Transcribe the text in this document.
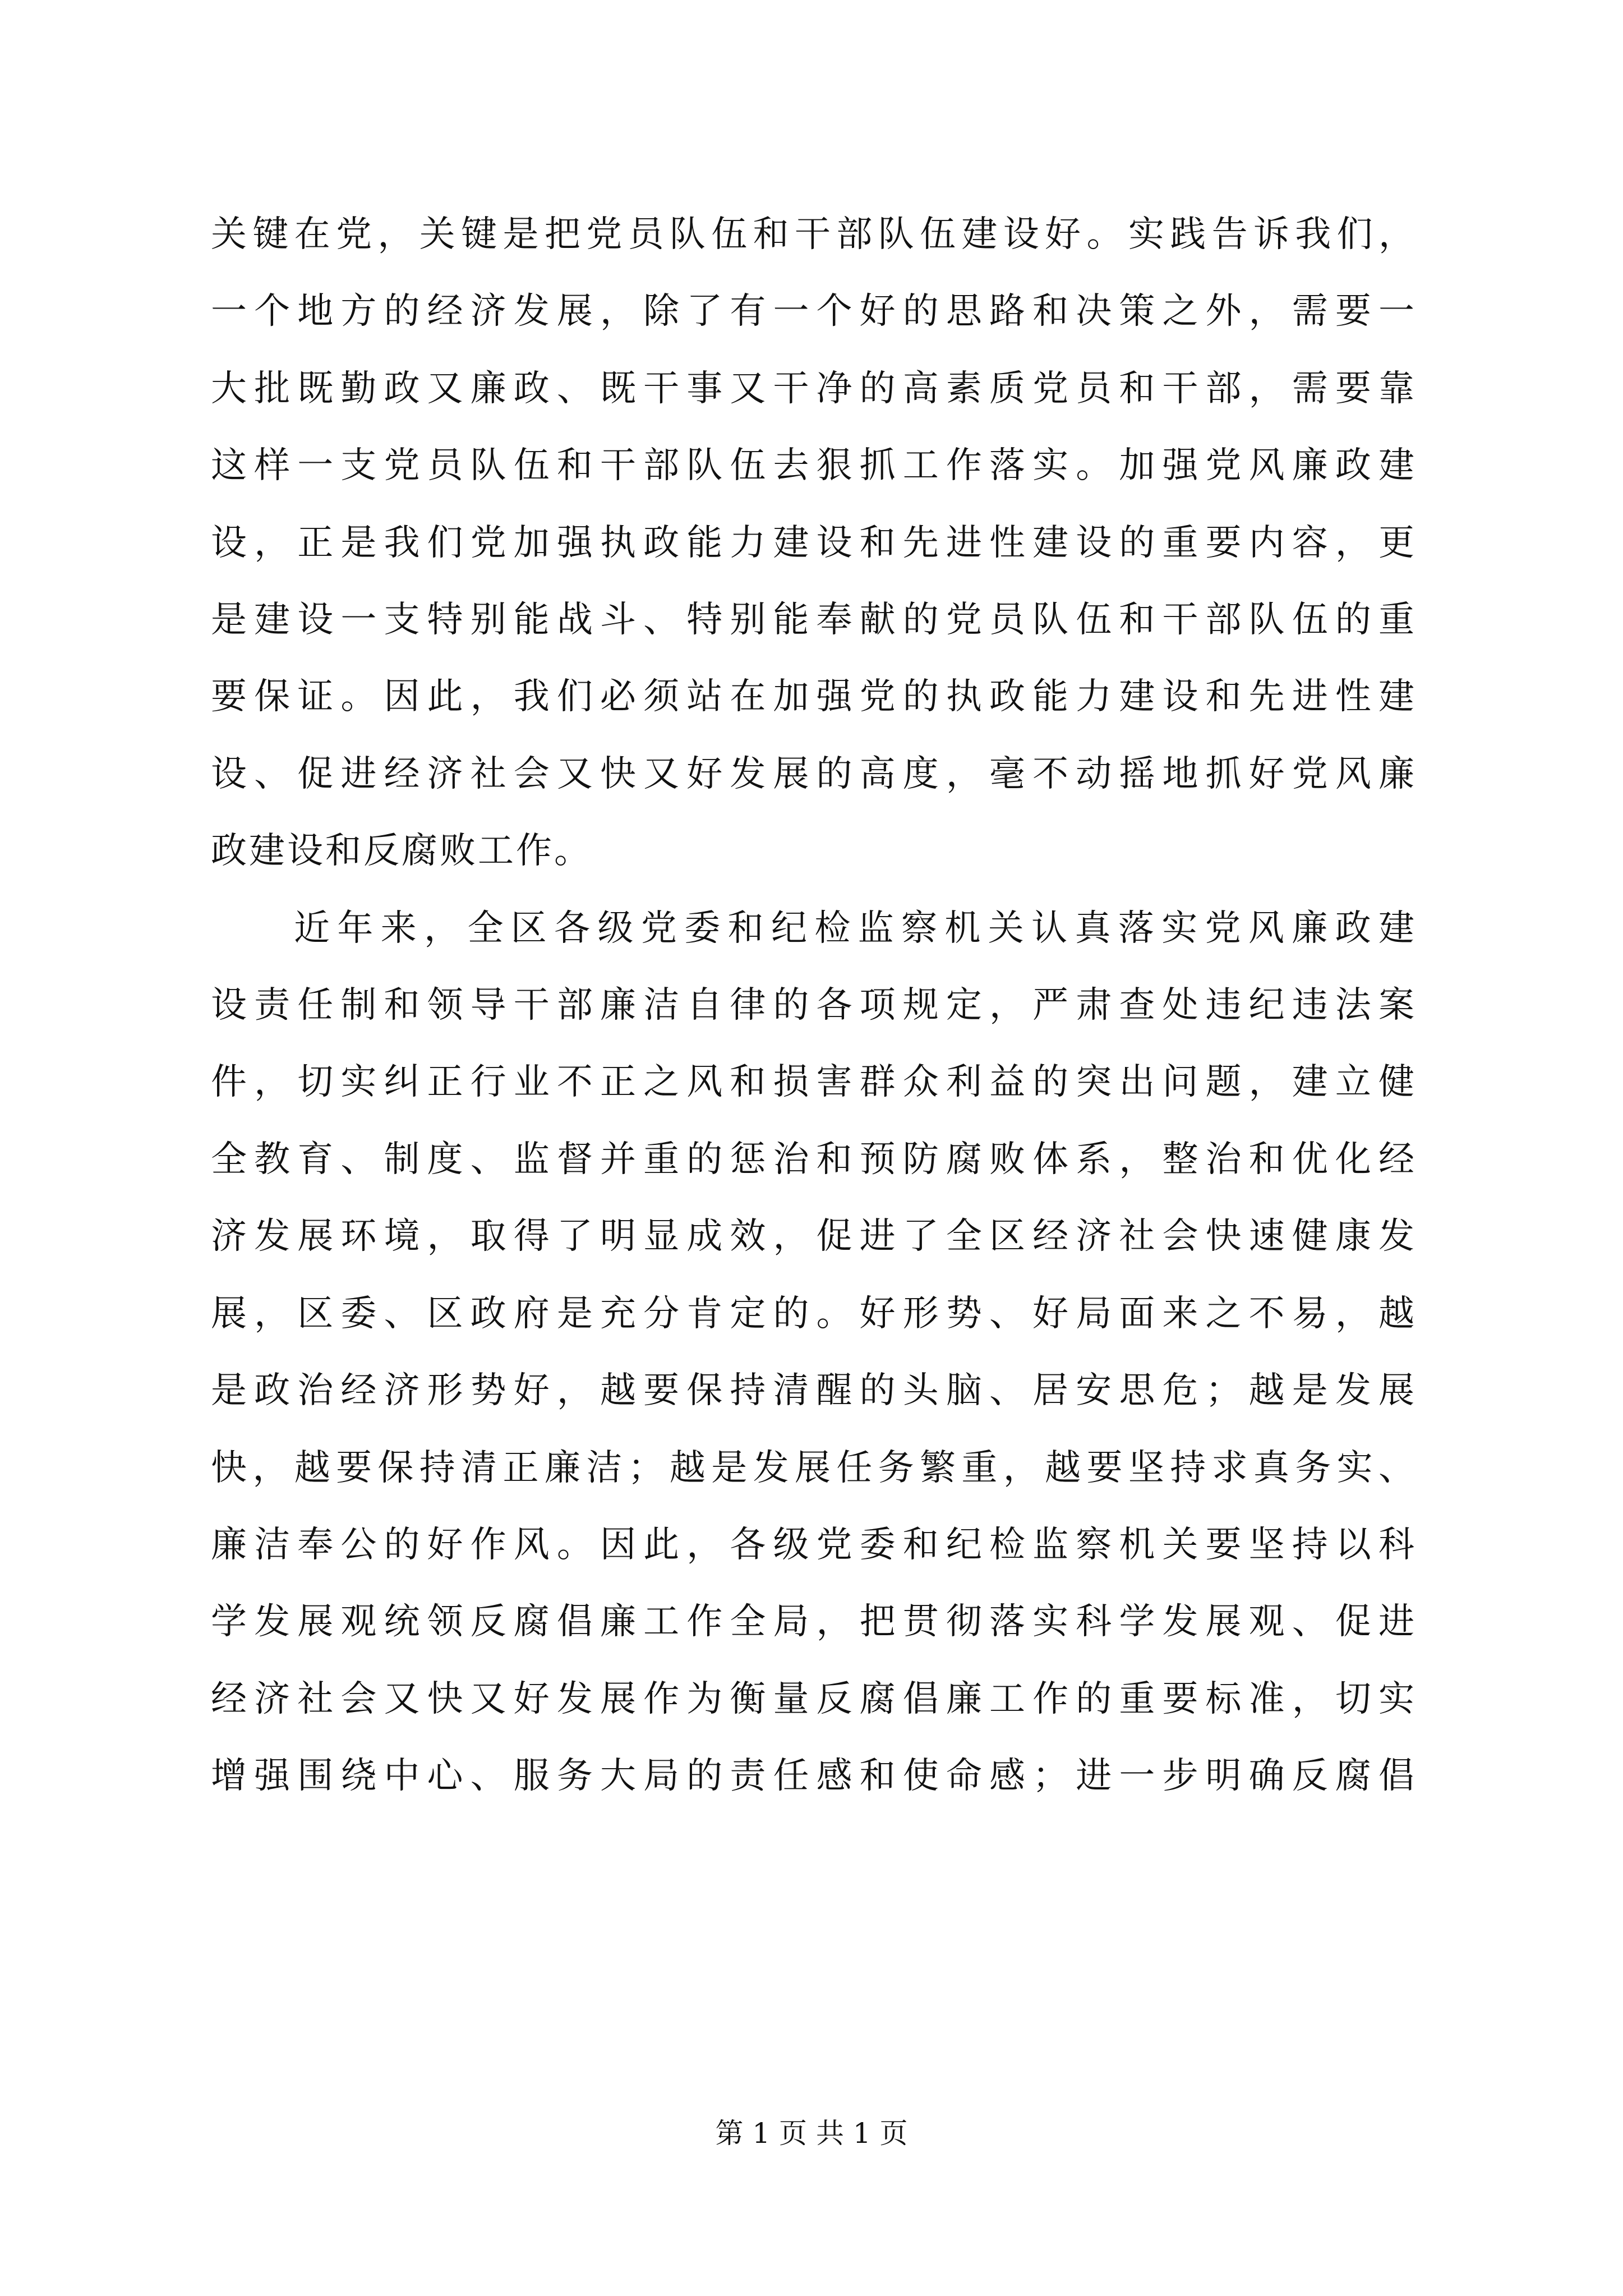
关键在党，关键是把党员队伍和干部队伍建设好。实践告诉我们，
一个地方的经济发展，除了有一个好的思路和决策之外，需要一
大批既勤政又廉政、既干事又干净的高素质党员和干部，需要靠
这样一支党员队伍和干部队伍去狠抓工作落实。加强党风廉政建
设，正是我们党加强执政能力建设和先进性建设的重要内容，更
是建设一支特别能战斗、特别能奉献的党员队伍和干部队伍的重
要保证。因此，我们必须站在加强党的执政能力建设和先进性建
设、促进经济社会又快又好发展的高度，毫不动摇地抓好党风廉
政建设和反腐败工作。

近年来，全区各级党委和纪检监察机关认真落实党风廉政建
设责任制和领导干部廉洁自律的各项规定，严肃查处违纪违法案
件，切实纠正行业不正之风和损害群众利益的突出问题，建立健
全教育、制度、监督并重的惩治和预防腐败体系，整治和优化经
济发展环境，取得了明显成效，促进了全区经济社会快速健康发
展，区委、区政府是充分肯定的。好形势、好局面来之不易，越
是政治经济形势好，越要保持清醒的头脑、居安思危；越是发展
快，越要保持清正廉洁；越是发展任务繁重，越要坚持求真务实、
廉洁奉公的好作风。因此，各级党委和纪检监察机关要坚持以科
学发展观统领反腐倡廉工作全局，把贯彻落实科学发展观、促进
经济社会又快又好发展作为衡量反腐倡廉工作的重要标准，切实
增强围绕中心、服务大局的责任感和使命感；进一步明确反腐倡

第 1 页 共 1 页
